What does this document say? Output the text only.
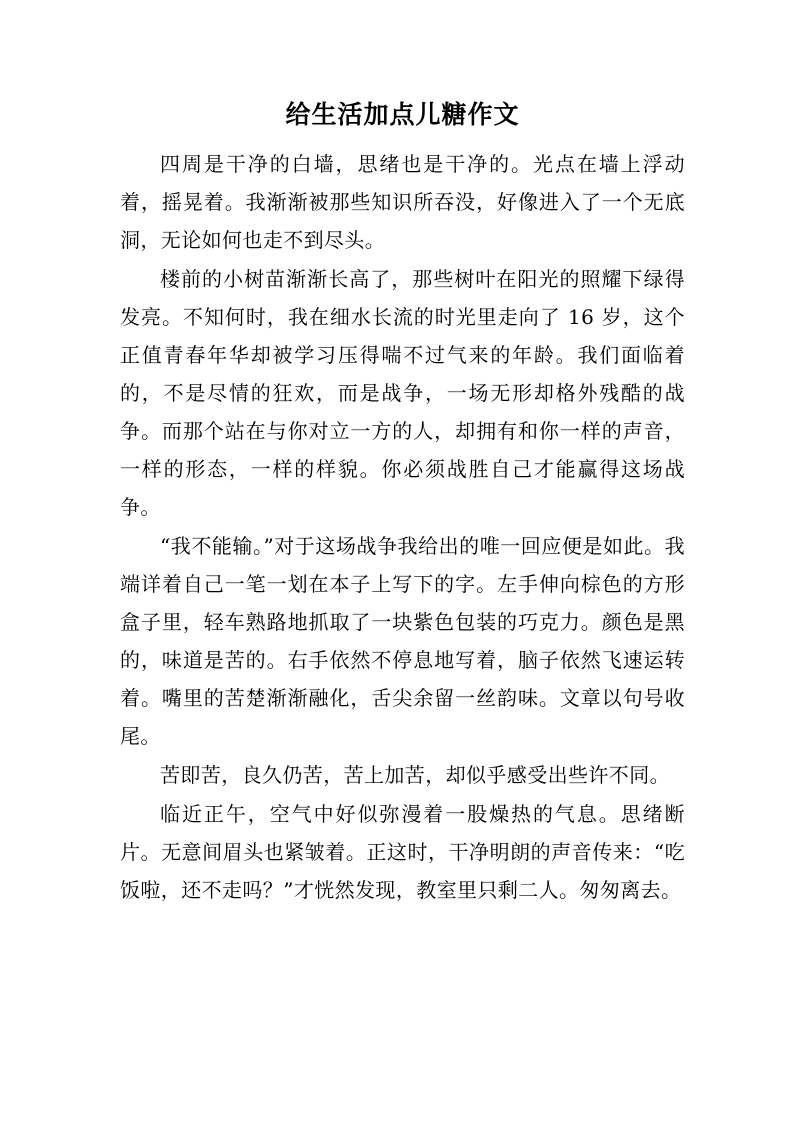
给生活加点儿糖作文

四周是干净的白墙，思绪也是干净的。光点在墙上浮动着，摇晃着。我渐渐被那些知识所吞没，好像进入了一个无底洞，无论如何也走不到尽头。

楼前的小树苗渐渐长高了，那些树叶在阳光的照耀下绿得发亮。不知何时，我在细水长流的时光里走向了 16 岁，这个正值青春年华却被学习压得喘不过气来的年龄。我们面临着的，不是尽情的狂欢，而是战争，一场无形却格外残酷的战争。而那个站在与你对立一方的人，却拥有和你一样的声音，一样的形态，一样的样貌。你必须战胜自己才能赢得这场战争。

“我不能输。”对于这场战争我给出的唯一回应便是如此。我端详着自己一笔一划在本子上写下的字。左手伸向棕色的方形盒子里，轻车熟路地抓取了一块紫色包装的巧克力。颜色是黑的，味道是苦的。右手依然不停息地写着，脑子依然飞速运转着。嘴里的苦楚渐渐融化，舌尖余留一丝韵味。文章以句号收尾。

苦即苦，良久仍苦，苦上加苦，却似乎感受出些许不同。

临近正午，空气中好似弥漫着一股燥热的气息。思绪断片。无意间眉头也紧皱着。正这时，干净明朗的声音传来：“吃饭啦，还不走吗？”才恍然发现，教室里只剩二人。匆匆离去。
